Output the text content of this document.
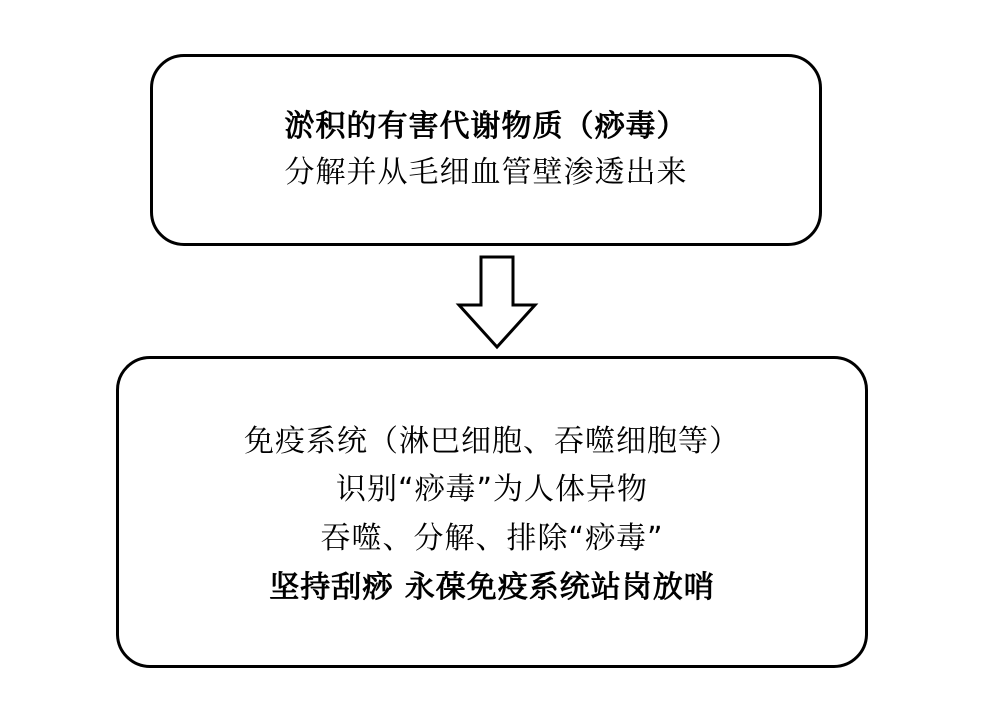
淤积的有害代谢物质（痧毒）
分解并从毛细血管壁渗透出来
免疫系统（淋巴细胞、吞噬细胞等）
识别“痧毒”为人体异物
吞噬、分解、排除“痧毒”
坚持刮痧 永葆免疫系统站岗放哨
